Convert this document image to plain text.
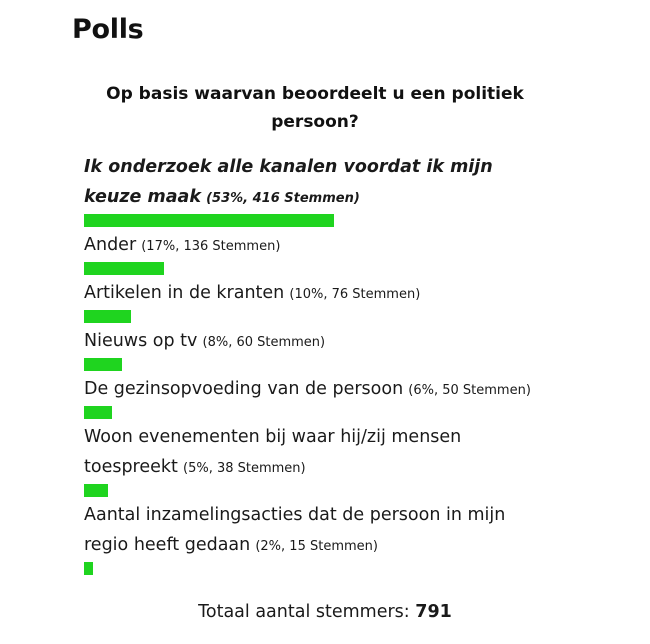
Polls

Op basis waarvan beoordeelt u een politiek persoon?

Ik onderzoek alle kanalen voordat ik mijn keuze maak (53%, 416 Stemmen)
Ander (17%, 136 Stemmen)
Artikelen in de kranten (10%, 76 Stemmen)
Nieuws op tv (8%, 60 Stemmen)
De gezinsopvoeding van de persoon (6%, 50 Stemmen)
Woon evenementen bij waar hij/zij mensen toespreekt (5%, 38 Stemmen)
Aantal inzamelingsacties dat de persoon in mijn regio heeft gedaan (2%, 15 Stemmen)
Totaal aantal stemmers: 791
